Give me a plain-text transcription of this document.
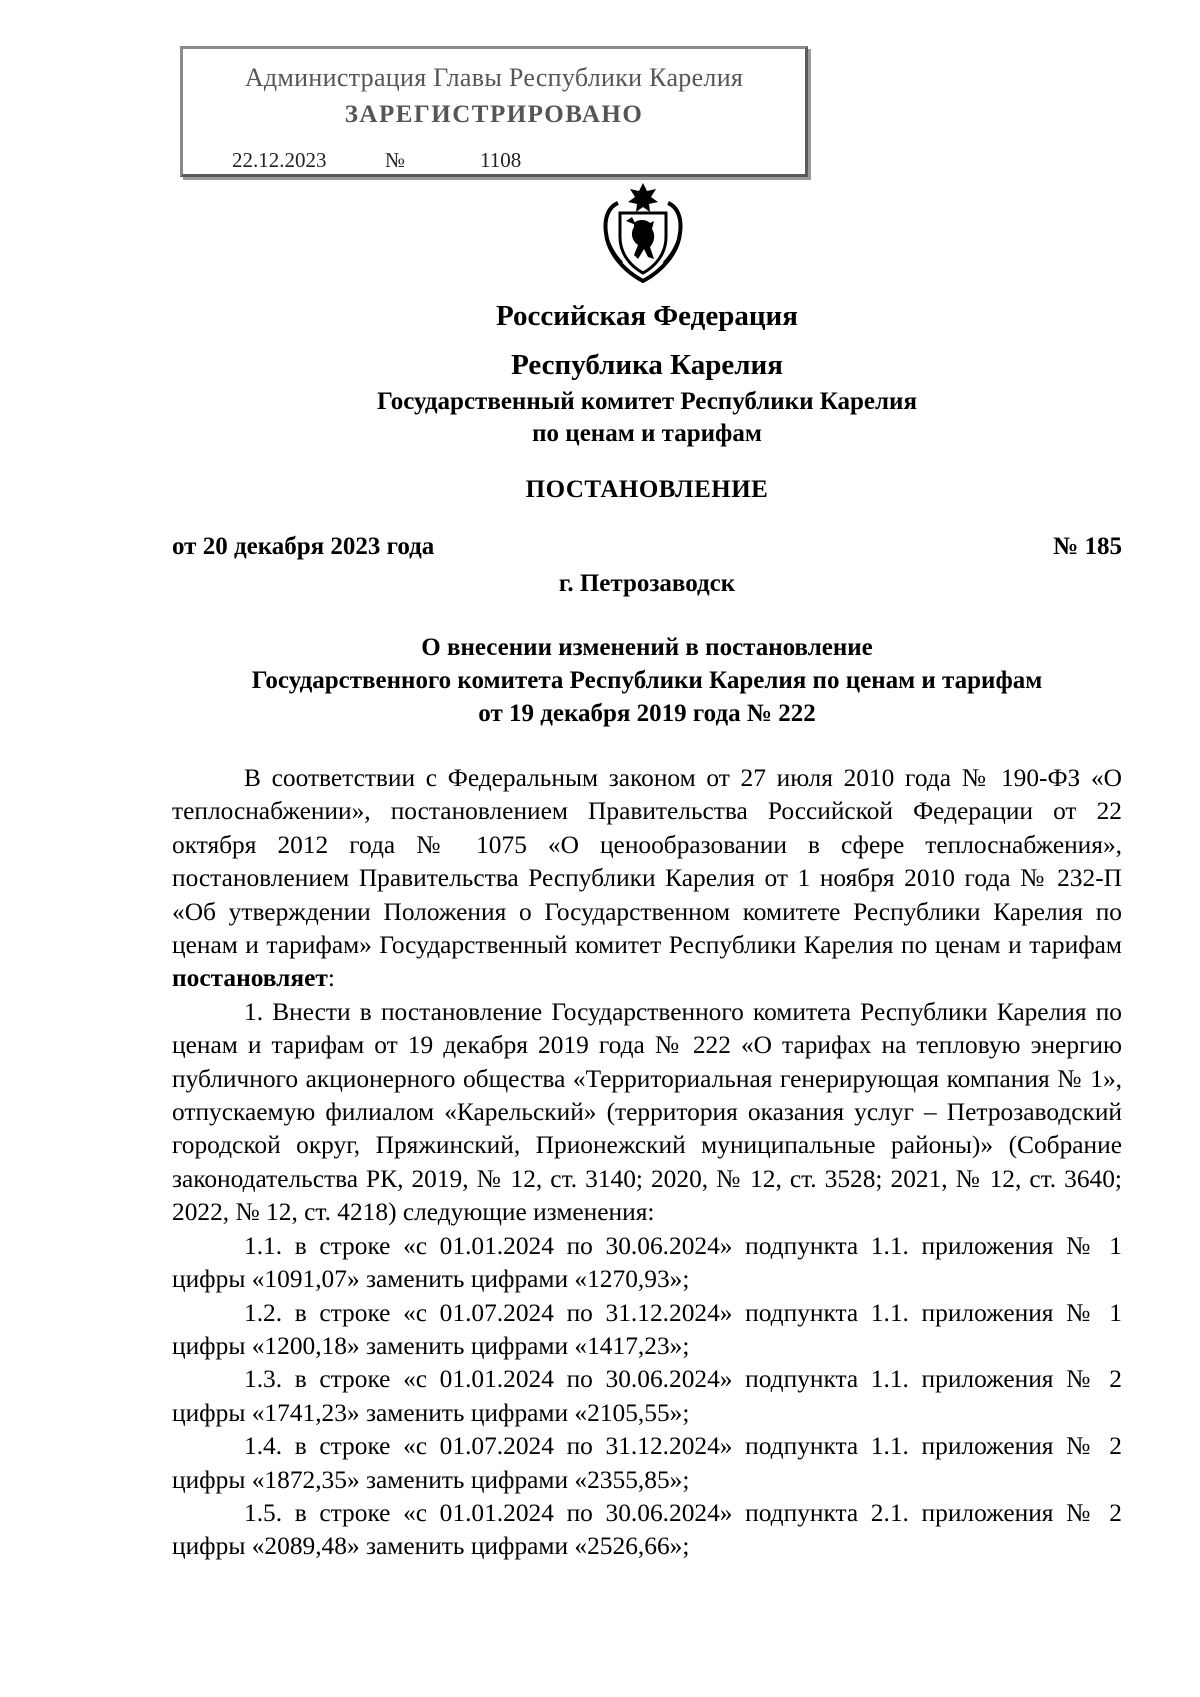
Администрация Главы Республики Карелия
ЗАРЕГИСТРИРОВАНО
22.12.2023	№	1108
Российская Федерация
Республика Карелия
Государственный комитет Республики Карелия
по ценам и тарифам
ПОСТАНОВЛЕНИЕ
от 20 декабря 2023 года	№ 185
г. Петрозаводск
О внесении изменений в постановление
Государственного комитета Республики Карелия по ценам и тарифам
от 19 декабря 2019 года № 222

В соответствии с Федеральным законом от 27 июля 2010 года № 190-ФЗ «О теплоснабжении», постановлением Правительства Российской Федерации от 22 октября 2012 года № 1075 «О ценообразовании в сфере теплоснабжения», постановлением Правительства Республики Карелия от 1 ноября 2010 года № 232-П «Об утверждении Положения о Государственном комитете Республики Карелия по ценам и тарифам» Государственный комитет Республики Карелия по ценам и тарифам постановляет:

1. Внести в постановление Государственного комитета Республики Карелия по ценам и тарифам от 19 декабря 2019 года № 222 «О тарифах на тепловую энергию публичного акционерного общества «Территориальная генерирующая компания № 1», отпускаемую филиалом «Карельский» (территория оказания услуг – Петрозаводский городской округ, Пряжинский, Прионежский муниципальные районы)» (Собрание законодательства РК, 2019, № 12, ст. 3140; 2020, № 12, ст. 3528; 2021, № 12, ст. 3640; 2022, № 12, ст. 4218) следующие изменения:

1.1. в строке «с 01.01.2024 по 30.06.2024» подпункта 1.1. приложения № 1 цифры «1091,07» заменить цифрами «1270,93»;

1.2. в строке «с 01.07.2024 по 31.12.2024» подпункта 1.1. приложения № 1 цифры «1200,18» заменить цифрами «1417,23»;

1.3. в строке «с 01.01.2024 по 30.06.2024» подпункта 1.1. приложения № 2 цифры «1741,23» заменить цифрами «2105,55»;

1.4. в строке «с 01.07.2024 по 31.12.2024» подпункта 1.1. приложения № 2 цифры «1872,35» заменить цифрами «2355,85»;

1.5. в строке «с 01.01.2024 по 30.06.2024» подпункта 2.1. приложения № 2 цифры «2089,48» заменить цифрами «2526,66»;
